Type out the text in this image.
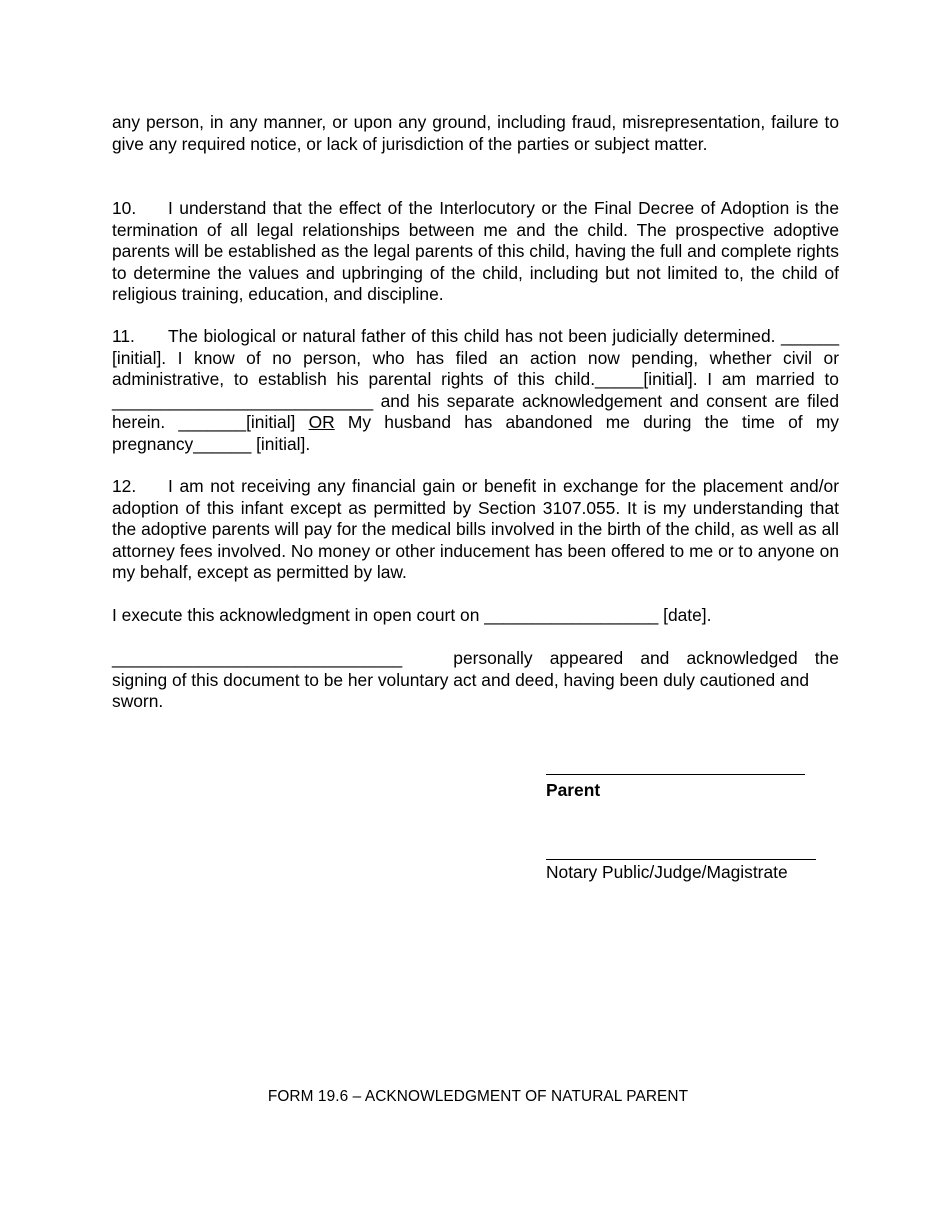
any person, in any manner, or upon any ground, including fraud, misrepresentation, failure to give any required notice, or lack of jurisdiction of the parties or subject matter.

10. I understand that the effect of the Interlocutory or the Final Decree of Adoption is the termination of all legal relationships between me and the child. The prospective adoptive parents will be established as the legal parents of this child, having the full and complete rights to determine the values and upbringing of the child, including but not limited to, the child of religious training, education, and discipline.

11. The biological or natural father of this child has not been judicially determined. ______ [initial]. I know of no person, who has filed an action now pending, whether civil or administrative, to establish his parental rights of this child._____[initial]. I am married to ___________________________ and his separate acknowledgement and consent are filed herein. _______[initial] OR My husband has abandoned me during the time of my pregnancy______ [initial].

12. I am not receiving any financial gain or benefit in exchange for the placement and/or adoption of this infant except as permitted by Section 3107.055. It is my understanding that the adoptive parents will pay for the medical bills involved in the birth of the child, as well as all attorney fees involved. No money or other inducement has been offered to me or to anyone on my behalf, except as permitted by law.

I execute this acknowledgment in open court on __________________ [date].

______________________________	personally appeared and acknowledged the
signing of this document to be her voluntary act and deed, having been duly cautioned and sworn.
Parent
Notary Public/Judge/Magistrate
FORM 19.6 – ACKNOWLEDGMENT OF NATURAL PARENT
